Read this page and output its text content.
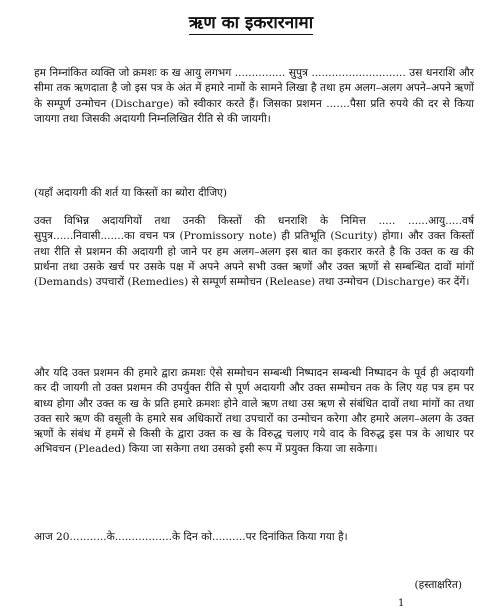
ऋण का इकरारनामा
हम निम्नांकित व्यक्ति जो क्रमशः क ख आयु लगभग ............... सुपुत्र ............................ उस धनराशि और सीमा तक ऋणदाता है जो इस पत्र के अंत में हमारे नामों के सामने लिखा है तथा हम अलग–अलग अपने–अपने ऋणों के सम्पूर्ण उन्मोचन (Discharge) को स्वीकार करते हैं। जिसका प्रशमन .......पैसा प्रति रुपये की दर से किया जायगा तथा जिसकी अदायगी निम्नलिखित रीति से की जायगी।
(यहाँ अदायगी की शर्त या किस्तों का ब्योरा दीजिए)
उक्त विभिन्न अदायगियों तथा उनकी किस्तों की धनराशि के निमित्त ..... ......आयु.....वर्ष सुपुत्र......निवासी.......का वचन पत्र (Promissory note) ही प्रतिभूति (Scurity) होगा। और उक्त किस्तों तथा रीति से प्रशमन की अदायगी हो जाने पर हम अलग–अलग इस बात का इकरार करते है कि उक्त क ख की प्रार्थना तथा उसके खर्च पर उसके पक्ष में अपने अपने सभी उक्त ऋणों और उक्त ऋणों से सम्बन्धित दावों मांगों (Demands) उपचारों (Remedies) से सम्पूर्ण सम्मोचन (Release) तथा उन्मोचन (Discharge) कर देंगें।
और यदि उक्त प्रशमन की हमारे द्वारा क्रमशः ऐसे सम्मोचन सम्बन्धी निष्पादन सम्बन्धी निष्पादन के पूर्व ही अदायगी कर दी जायगी तो उक्त प्रशमन की उपर्युक्त रीति से पूर्ण अदायगी और उक्त सम्मोचन तक के लिए यह पत्र हम पर बाध्य होगा और उक्त क ख के प्रति हमारे क्रमशः होने वाले ऋण तथा उस ऋण से संबंधित दावों तथा मांगों का तथा उक्त सारे ऋण की वसूली के हमारे सब अधिकारों तथा उपचारों का उन्मोचन करेगा और हमारे अलग–अलग के उक्त ऋणों के संबंध में हममें से किसी के द्वारा उक्त क ख के विरुद्ध चलाए गये वाद के विरुद्ध इस पत्र के आधार पर अभिवचन (Pleaded) किया जा सकेगा तथा उसको इसी रूप में प्रयुक्त किया जा सकेगा।
आज 20...........के.................के दिन को..........पर दिनांकित किया गया है।
(हस्ताक्षरित)
1
